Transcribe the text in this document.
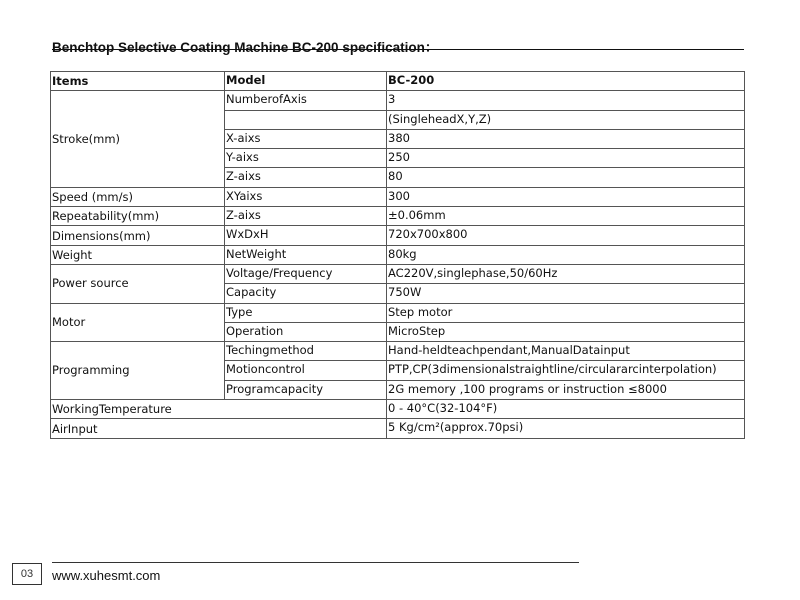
Benchtop Selective Coating Machine BC-200 specification：
Items	Model	BC-200
Stroke(mm)	NumberofAxis	3
		(SingleheadX,Y,Z)
	X-aixs	380
	Y-aixs	250
	Z-aixs	80
Speed (mm/s)	XYaixs	300
Repeatability(mm)	Z-aixs	±0.06mm
Dimensions(mm)	WxDxH	720x700x800
Weight	NetWeight	80kg
Power source	Voltage/Frequency	AC220V,singlephase,50/60Hz
	Capacity	750W
Motor	Type	Step motor
	Operation	MicroStep
Programming	Techingmethod	Hand-heldteachpendant,ManualDatainput
	Motioncontrol	PTP,CP(3dimensionalstraightline/circulararcinterpolation)
	Programcapacity	2G memory ,100 programs or instruction ≤8000
WorkingTemperature		0 - 40°C(32-104°F)
AirInput		5 Kg/cm²(approx.70psi)
03	www.xuhesmt.com
